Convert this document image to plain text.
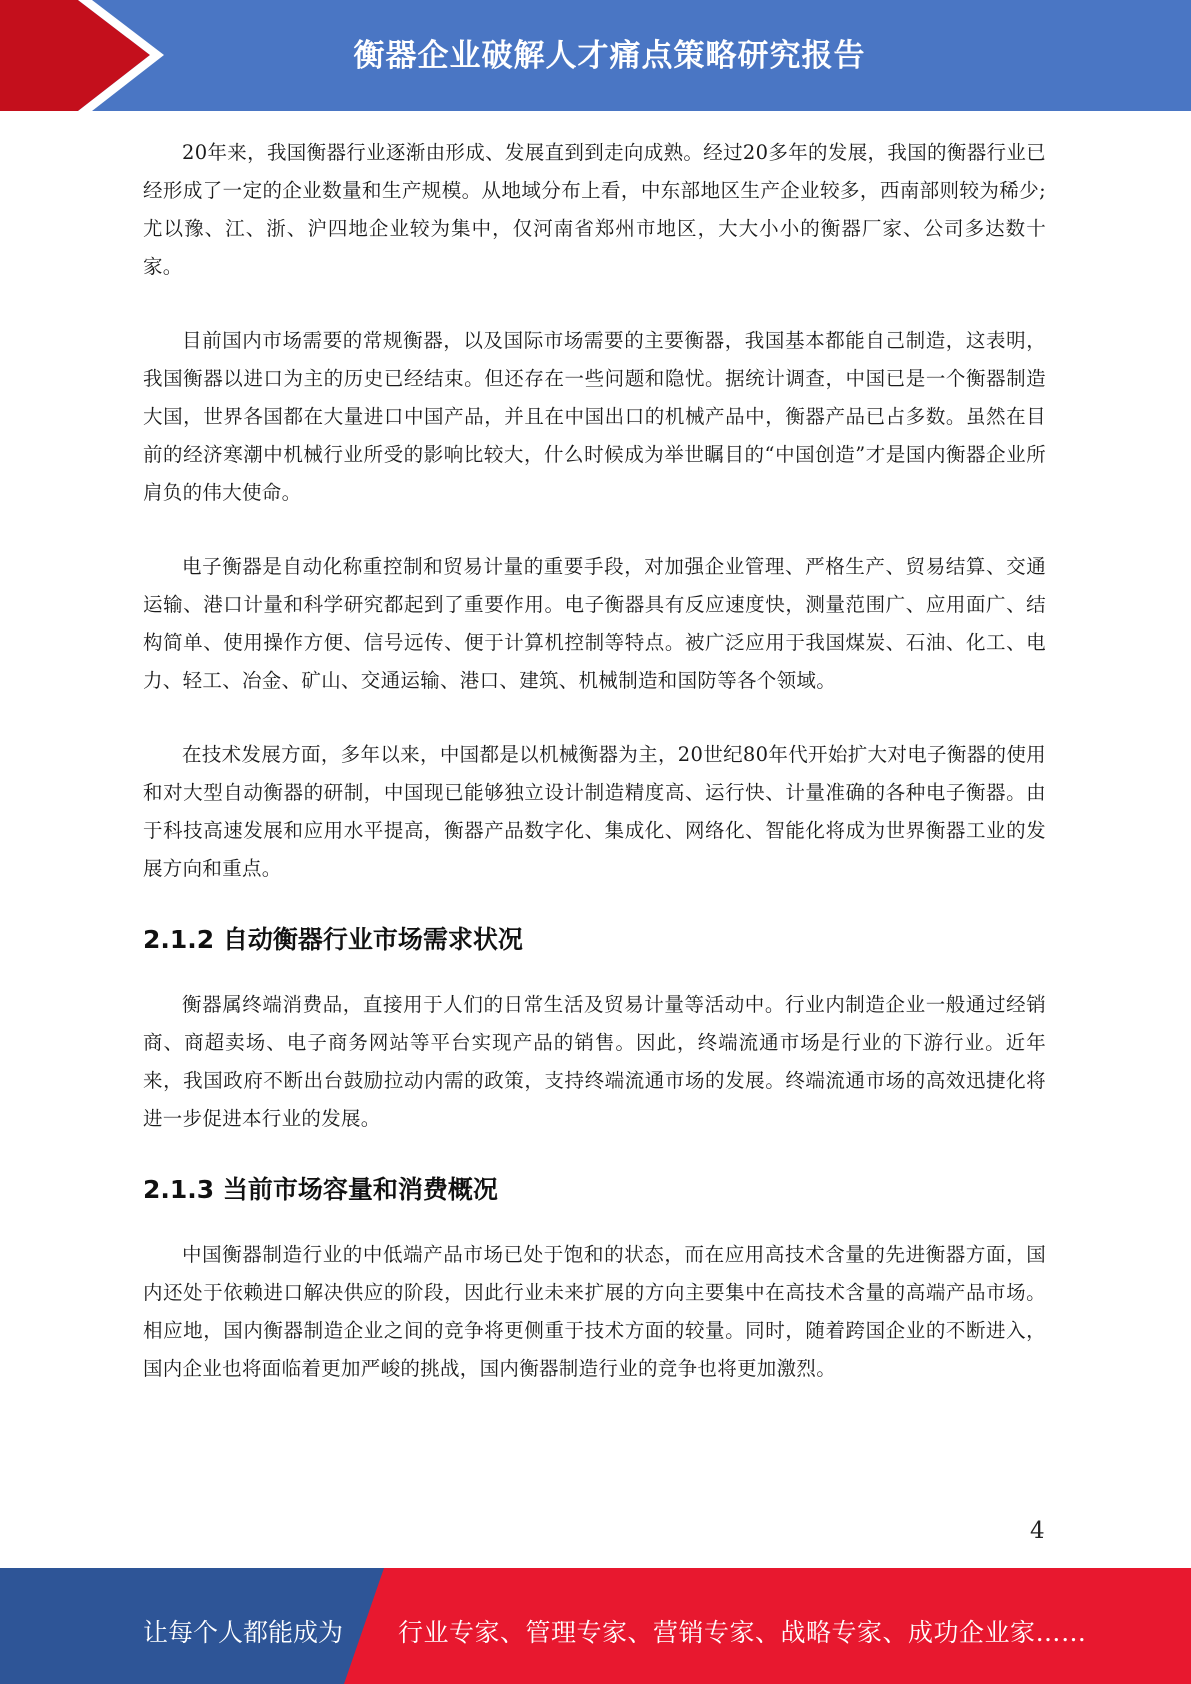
衡器企业破解人才痛点策略研究报告

20年来，我国衡器行业逐渐由形成、发展直到到走向成熟。经过20多年的发展，我国的衡器行业已经形成了一定的企业数量和生产规模。从地域分布上看，中东部地区生产企业较多，西南部则较为稀少;尤以豫、江、浙、沪四地企业较为集中，仅河南省郑州市地区，大大小小的衡器厂家、公司多达数十家。

目前国内市场需要的常规衡器，以及国际市场需要的主要衡器，我国基本都能自己制造，这表明，我国衡器以进口为主的历史已经结束。但还存在一些问题和隐忧。据统计调查，中国已是一个衡器制造大国，世界各国都在大量进口中国产品，并且在中国出口的机械产品中，衡器产品已占多数。虽然在目前的经济寒潮中机械行业所受的影响比较大，什么时候成为举世瞩目的“中国创造”才是国内衡器企业所肩负的伟大使命。

电子衡器是自动化称重控制和贸易计量的重要手段，对加强企业管理、严格生产、贸易结算、交通运输、港口计量和科学研究都起到了重要作用。电子衡器具有反应速度快，测量范围广、应用面广、结构简单、使用操作方便、信号远传、便于计算机控制等特点。被广泛应用于我国煤炭、石油、化工、电力、轻工、冶金、矿山、交通运输、港口、建筑、机械制造和国防等各个领域。

在技术发展方面，多年以来，中国都是以机械衡器为主，20世纪80年代开始扩大对电子衡器的使用和对大型自动衡器的研制，中国现已能够独立设计制造精度高、运行快、计量准确的各种电子衡器。由于科技高速发展和应用水平提高，衡器产品数字化、集成化、网络化、智能化将成为世界衡器工业的发展方向和重点。

2.1.2 自动衡器行业市场需求状况

衡器属终端消费品，直接用于人们的日常生活及贸易计量等活动中。行业内制造企业一般通过经销商、商超卖场、电子商务网站等平台实现产品的销售。因此，终端流通市场是行业的下游行业。近年来，我国政府不断出台鼓励拉动内需的政策，支持终端流通市场的发展。终端流通市场的高效迅捷化将进一步促进本行业的发展。

2.1.3 当前市场容量和消费概况

中国衡器制造行业的中低端产品市场已处于饱和的状态，而在应用高技术含量的先进衡器方面，国内还处于依赖进口解决供应的阶段，因此行业未来扩展的方向主要集中在高技术含量的高端产品市场。相应地，国内衡器制造企业之间的竞争将更侧重于技术方面的较量。同时，随着跨国企业的不断进入，国内企业也将面临着更加严峻的挑战，国内衡器制造行业的竞争也将更加激烈。

4
让每个人都能成为 行业专家、管理专家、营销专家、战略专家、成功企业家……
